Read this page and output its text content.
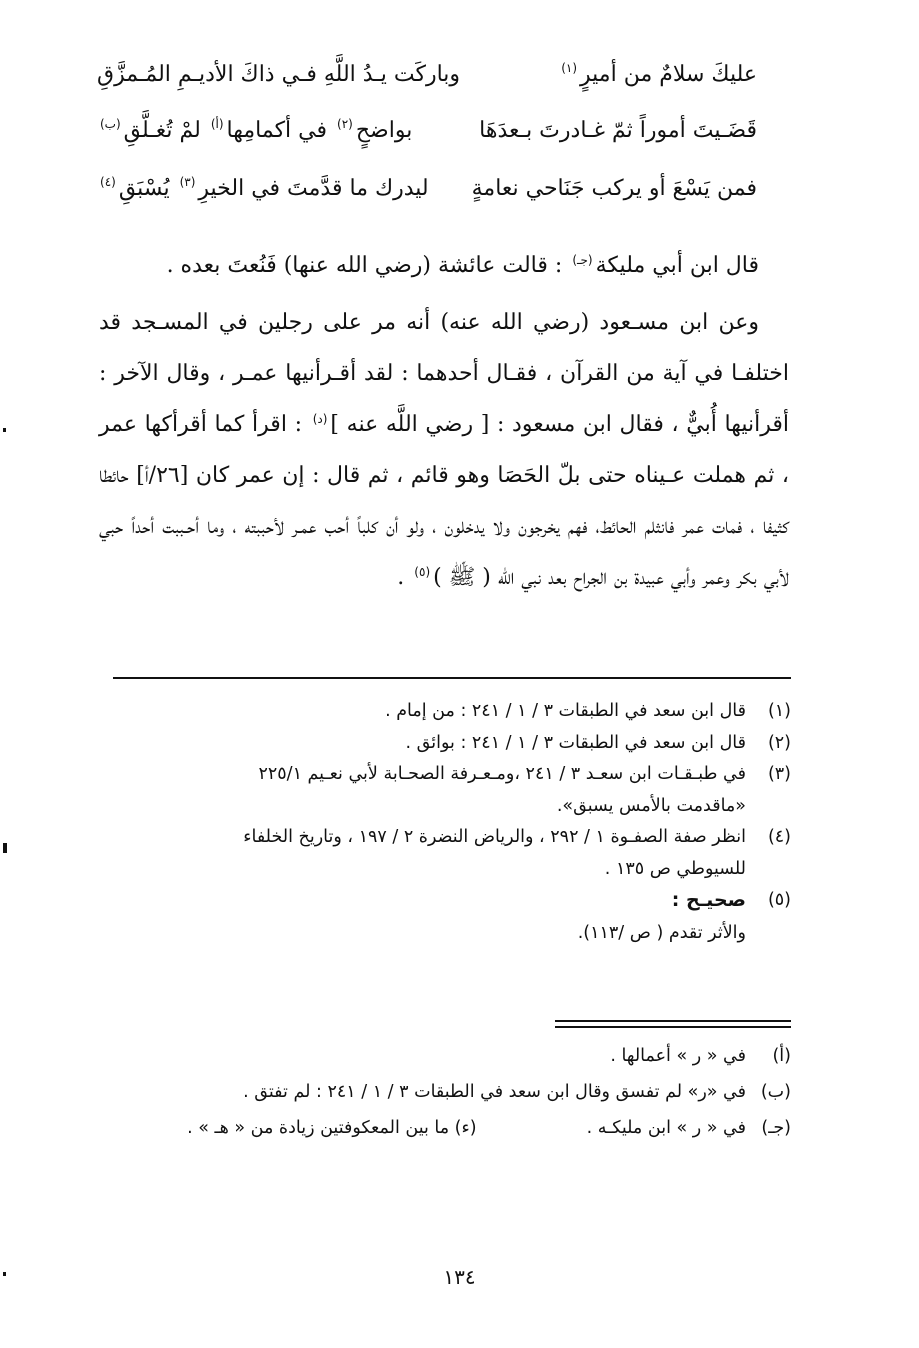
عليكَ سلامٌ من أميرٍ$^{(١)}$
وباركَت يـدُ اللَّهِ فـي ذاكَ الأديـمِ المُـمزَّقِ
قَضَـيتَ أموراً ثمّ غـادرتَ بـعدَهَا
بواضحٍ$^{(٢)}$ في أكمامِها$^{(أ)}$ لمْ تُغـلَّقِ$^{(ب)}$
فمن يَسْعَ أو يركب جَنَاحي نعامةٍ
ليدرك ما قدَّمتَ في الخيرِ$^{(٣)}$ يُسْبَقِ$^{(٤)}$

قال ابن أبي مليكة$^{(جـ)}$ : قالت عائشة (رضي الله عنها) فَنُعتَ بعده .

وعن ابن مسـعود (رضي الله عنه) أنه مر على رجلين في المسـجد قد اختلفـا في آية من القرآن ، فقـال أحدهما : لقد أقـرأنيها عمـر ، وقال الآخر : أقرأنيها أُبيٌّ ، فقال ابن مسعود : [ رضي اللَّه عنه ]$^{(د)}$ : اقرأ كما أقرأكها عمر ، ثم هملت عـيناه حتى بلّ الحَصَا وهو قائم ، ثم قال : إن عمر كان [٢٦/أ] حائطا كثيفا ، فمات عمر فانثلم الحائط، فهم يخرجون ولا يدخلون ، ولو أن كلباً أحب عمـر لأحببته ، وما أحـببت أحداً حبي لأبي بكر وعمر وأبي عبيدة بن الجراح بعد نبي الله ( ﷺ )$^{(٥)}$ .

(١)
قال ابن سعد في الطبقات ٣ / ١ / ٢٤١ : من إمام .
(٢)
قال ابن سعد في الطبقات ٣ / ١ / ٢٤١ : بوائق .
(٣)
في طبـقـات ابن سعـد ٣ / ٢٤١ ،ومـعـرفة الصحـابة لأبي نعـيم ٢٢٥/١
«ماقدمت بالأمس يسبق».
(٤)
انظر صفة الصفـوة ١ / ٢٩٢ ، والرياض النضرة ٢ / ١٩٧ ، وتاريخ الخلفاء
للسيوطي ص ١٣٥ .
(٥)
صحيـح :
والأثر تقدم ( ص /١١٣).
(أ)
في « ر » أعمالها .
(ب)
في «ر» لم تفسق وقال ابن سعد في الطبقات ٣ / ١ / ٢٤١ : لم تفتق .
(جـ)
في « ر » ابن مليكـه .
(ء) ما بين المعكوفتين زيادة من « هـ » .
١٣٤
